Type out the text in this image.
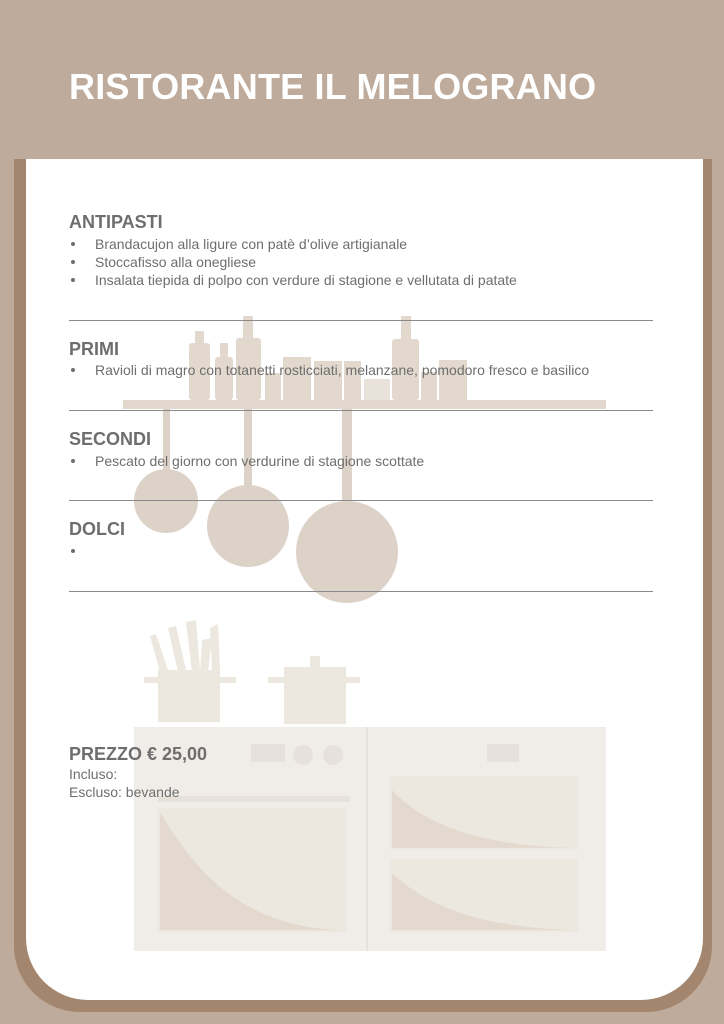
RISTORANTE IL MELOGRANO
ANTIPASTI
Brandacujon alla ligure con patè d’olive artigianale
Stoccafisso alla onegliese
Insalata tiepida di polpo con verdure di stagione e vellutata di patate
PRIMI
Ravioli di magro con totanetti rosticciati, melanzane, pomodoro fresco e basilico
SECONDI
Pescato del giorno con verdurine di stagione scottate
DOLCI
PREZZO € 25,00
Incluso:
Escluso: bevande
